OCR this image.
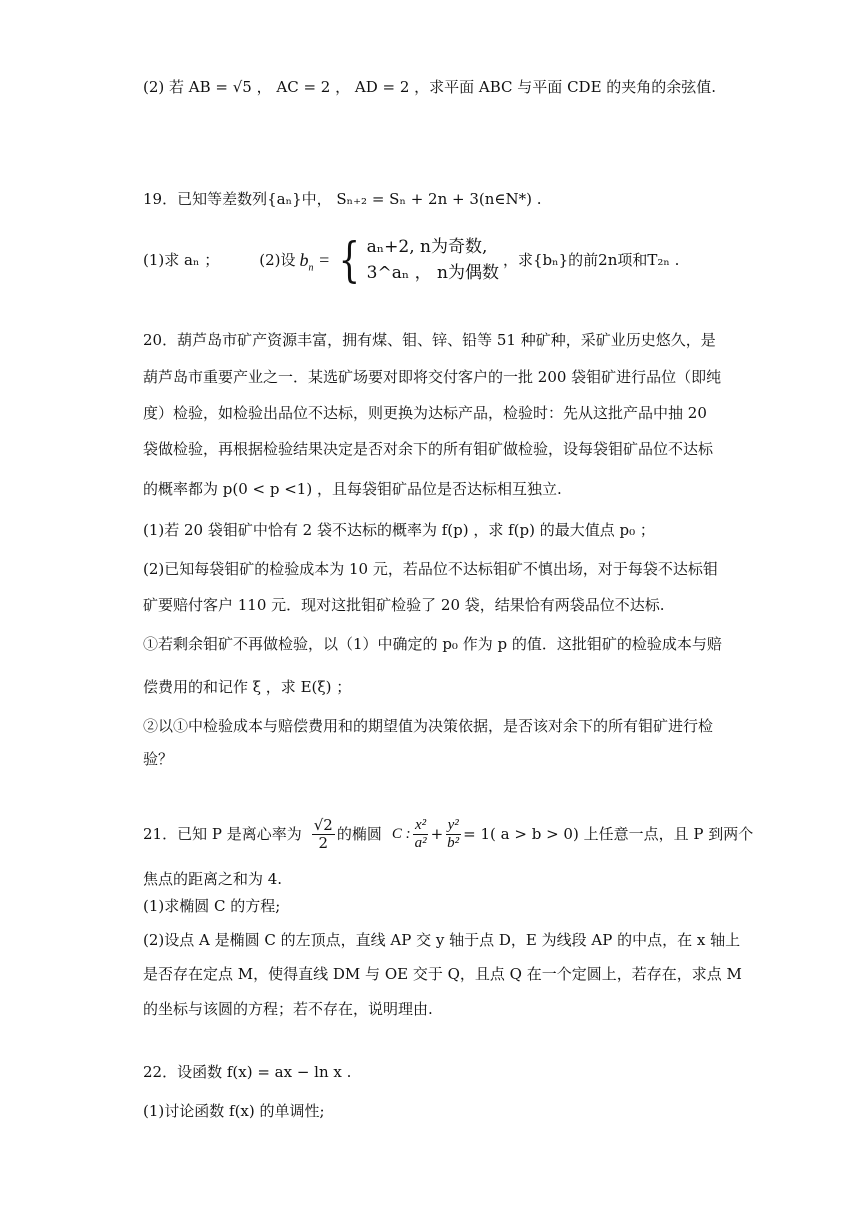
(2) 若 AB = √5 ， AC = 2 ， AD = 2 ，求平面 ABC 与平面 CDE 的夹角的余弦值.
19．已知等差数列{aₙ}中， Sₙ₊₂ = Sₙ + 2n + 3(n∈N*) .
(1)求 aₙ ；	(2)设 $b_n$ = { aₙ+2, n为奇数,
3^aₙ ， n为偶数
，求{bₙ}的前2n项和T₂ₙ .
20．葫芦岛市矿产资源丰富，拥有煤、钼、锌、铅等 51 种矿种，采矿业历史悠久，是
葫芦岛市重要产业之一．某选矿场要对即将交付客户的一批 200 袋钼矿进行品位（即纯
度）检验，如检验出品位不达标，则更换为达标产品，检验时：先从这批产品中抽 20
袋做检验，再根据检验结果决定是否对余下的所有钼矿做检验，设每袋钼矿品位不达标
的概率都为 p(0 < p <1) ，且每袋钼矿品位是否达标相互独立.
(1)若 20 袋钼矿中恰有 2 袋不达标的概率为 f(p) ，求 f(p) 的最大值点 p₀ ；
(2)已知每袋钼矿的检验成本为 10 元，若品位不达标钼矿不慎出场，对于每袋不达标钼
矿要赔付客户 110 元．现对这批钼矿检验了 20 袋，结果恰有两袋品位不达标.
①若剩余钼矿不再做检验，以（1）中确定的 p₀ 作为 p 的值．这批钼矿的检验成本与赔
偿费用的和记作 ξ ，求 E(ξ) ；
②以①中检验成本与赔偿费用和的期望值为决策依据，是否该对余下的所有钼矿进行检
验？
21．已知 P 是离心率为 $\frac{√2}{2}$ 的椭圆 C : $\frac{\text{x²}}{\text{a²}} + \frac{\text{y²}}{\text{b²}} = 1$( a > b > 0) 上任意一点，且 P 到两个
焦点的距离之和为 4.
(1)求椭圆 C 的方程;
(2)设点 A 是椭圆 C 的左顶点，直线 AP 交 y 轴于点 D，E 为线段 AP 的中点，在 x 轴上
是否存在定点 M，使得直线 DM 与 OE 交于 Q，且点 Q 在一个定圆上，若存在，求点 M
的坐标与该圆的方程；若不存在，说明理由.
22．设函数 f(x) = ax − ln x .
(1)讨论函数 f(x) 的单调性;
